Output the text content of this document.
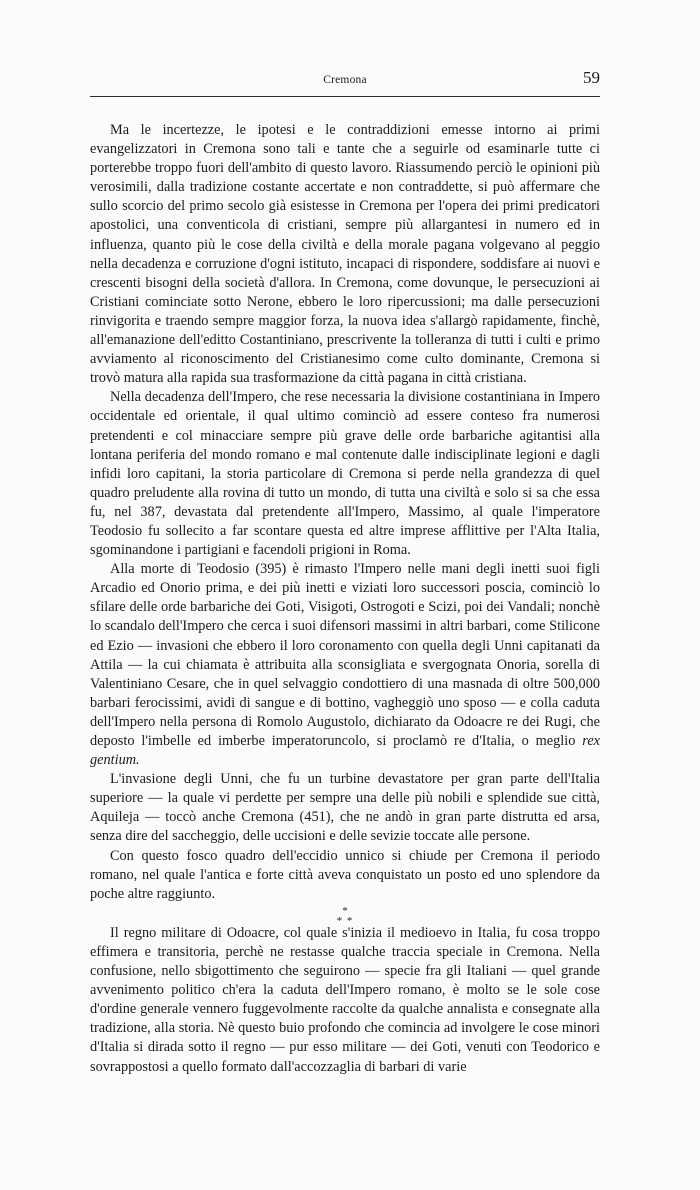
Cremona	59

Ma le incertezze, le ipotesi e le contraddizioni emesse intorno ai primi evangelizzatori in Cremona sono tali e tante che a seguirle od esaminarle tutte ci porterebbe troppo fuori dell'ambito di questo lavoro. Riassumendo perciò le opinioni più verosimili, dalla tradizione costante accertate e non contraddette, si può affermare che sullo scorcio del primo secolo già esistesse in Cremona per l'opera dei primi predicatori apostolici, una conventicola di cristiani, sempre più allargantesi in numero ed in influenza, quanto più le cose della civiltà e della morale pagana volgevano al peggio nella decadenza e corruzione d'ogni istituto, incapaci di rispondere, soddisfare ai nuovi e crescenti bisogni della società d'allora. In Cremona, come dovunque, le persecuzioni ai Cristiani cominciate sotto Nerone, ebbero le loro ripercussioni; ma dalle persecuzioni rinvigorita e traendo sempre maggior forza, la nuova idea s'allargò rapidamente, finchè, all'emanazione dell'editto Costantiniano, prescrivente la tolleranza di tutti i culti e primo avviamento al riconoscimento del Cristianesimo come culto dominante, Cremona si trovò matura alla rapida sua trasformazione da città pagana in città cristiana.

Nella decadenza dell'Impero, che rese necessaria la divisione costantiniana in Impero occidentale ed orientale, il qual ultimo cominciò ad essere conteso fra numerosi pretendenti e col minacciare sempre più grave delle orde barbariche agitantisi alla lontana periferia del mondo romano e mal contenute dalle indisciplinate legioni e dagli infidi loro capitani, la storia particolare di Cremona si perde nella grandezza di quel quadro preludente alla rovina di tutto un mondo, di tutta una civiltà e solo si sa che essa fu, nel 387, devastata dal pretendente all'Impero, Massimo, al quale l'imperatore Teodosio fu sollecito a far scontare questa ed altre imprese afflittive per l'Alta Italia, sgominandone i partigiani e facendoli prigioni in Roma.

Alla morte di Teodosio (395) è rimasto l'Impero nelle mani degli inetti suoi figli Arcadio ed Onorio prima, e dei più inetti e viziati loro successori poscia, cominciò lo sfilare delle orde barbariche dei Goti, Visigoti, Ostrogoti e Scizi, poi dei Vandali; nonchè lo scandalo dell'Impero che cerca i suoi difensori massimi in altri barbari, come Stilicone ed Ezio — invasioni che ebbero il loro coronamento con quella degli Unni capitanati da Attila — la cui chiamata è attribuita alla sconsigliata e svergognata Onoria, sorella di Valentiniano Cesare, che in quel selvaggio condottiero di una masnada di oltre 500,000 barbari ferocissimi, avidi di sangue e di bottino, vagheggiò uno sposo — e colla caduta dell'Impero nella persona di Romolo Augustolo, dichiarato da Odoacre re dei Rugi, che deposto l'imbelle ed imberbe imperatoruncolo, si proclamò re d'Italia, o meglio rex gentium.

L'invasione degli Unni, che fu un turbine devastatore per gran parte dell'Italia superiore — la quale vi perdette per sempre una delle più nobili e splendide sue città, Aquileja — toccò anche Cremona (451), che ne andò in gran parte distrutta ed arsa, senza dire del saccheggio, delle uccisioni e delle sevizie toccate alle persone.

Con questo fosco quadro dell'eccidio unnico si chiude per Cremona il periodo romano, nel quale l'antica e forte città aveva conquistato un posto ed uno splendore da poche altre raggiunto.

*
* *

Il regno militare di Odoacre, col quale s'inizia il medioevo in Italia, fu cosa troppo effimera e transitoria, perchè ne restasse qualche traccia speciale in Cremona. Nella confusione, nello sbigottimento che seguirono — specie fra gli Italiani — quel grande avvenimento politico ch'era la caduta dell'Impero romano, è molto se le sole cose d'ordine generale vennero fuggevolmente raccolte da qualche annalista e consegnate alla tradizione, alla storia. Nè questo buio profondo che comincia ad involgere le cose minori d'Italia si dirada sotto il regno — pur esso militare — dei Goti, venuti con Teodorico e sovrappostosi a quello formato dall'accozzaglia di barbari di varie
